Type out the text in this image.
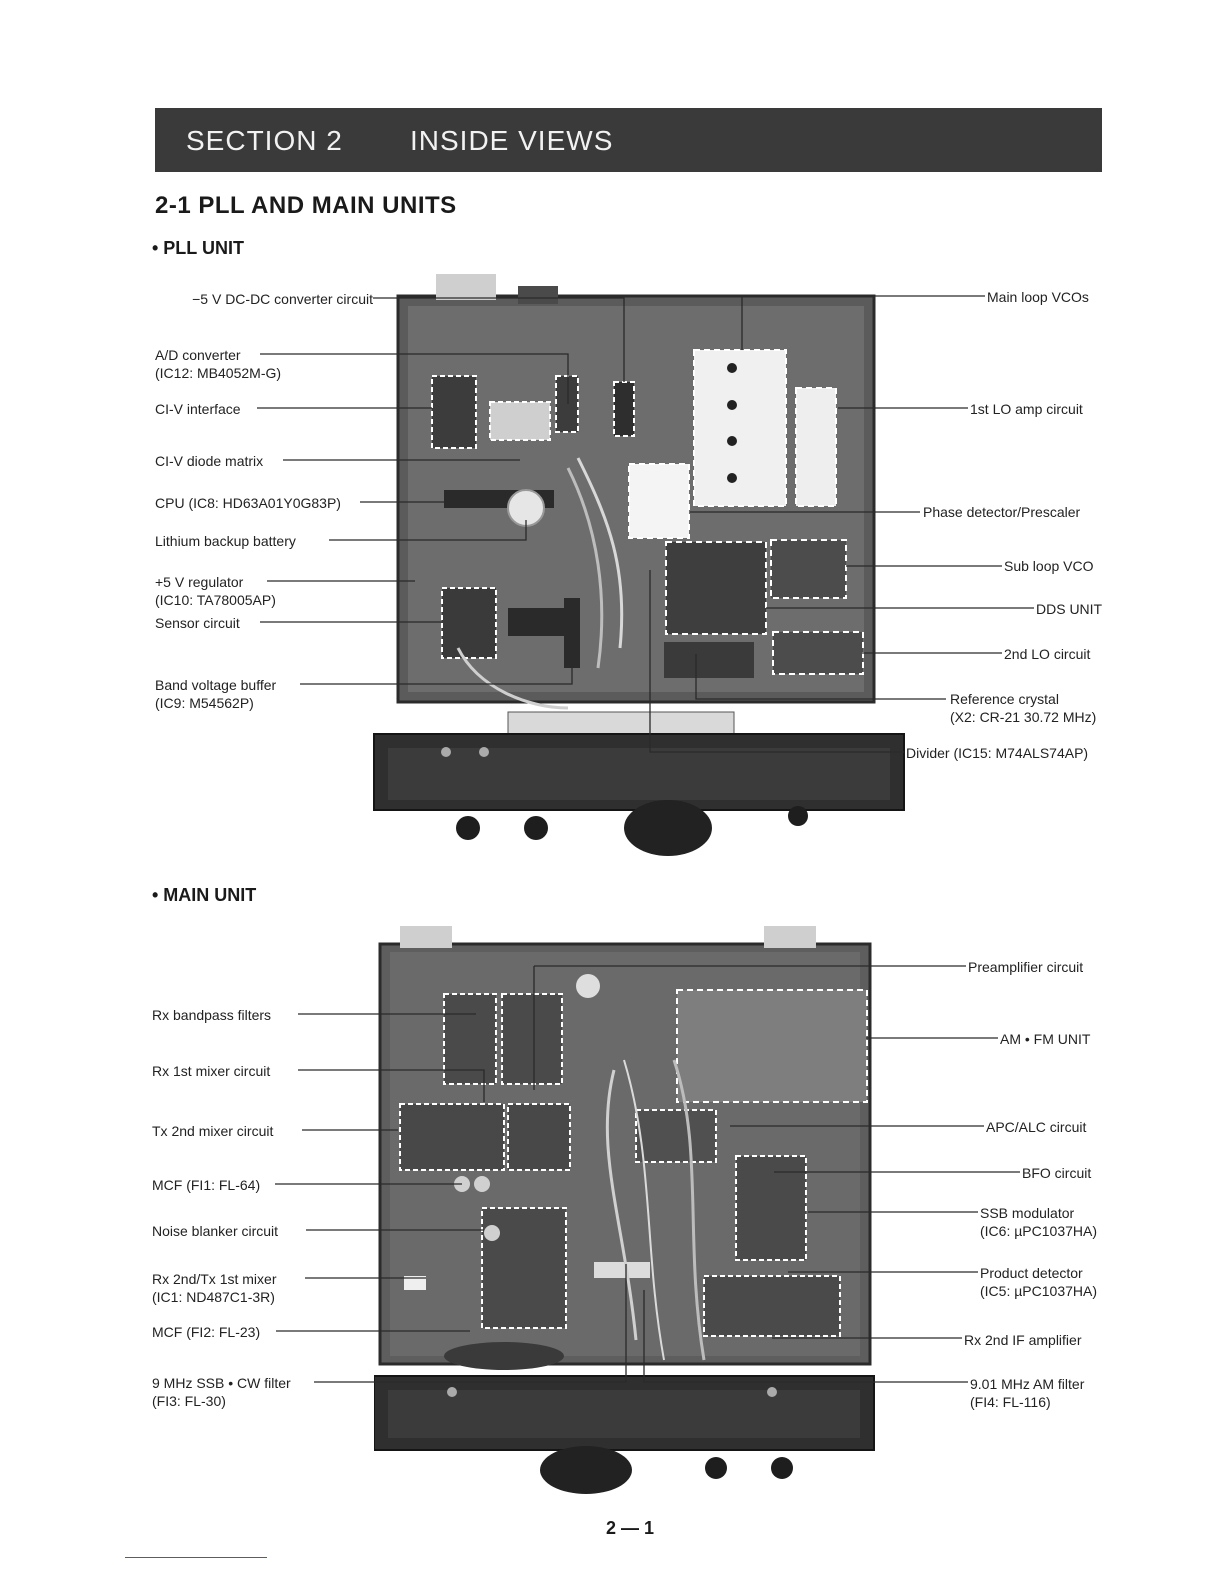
SECTION 2 INSIDE VIEWS
2-1 PLL AND MAIN UNITS
• PLL UNIT
−5 V DC-DC converter circuit
A/D converter
(IC12: MB4052M-G)
CI-V interface
CI-V diode matrix
CPU (IC8: HD63A01Y0G83P)
Lithium backup battery
+5 V regulator
(IC10: TA78005AP)
Sensor circuit
Band voltage buffer
(IC9: M54562P)
Main loop VCOs
1st LO amp circuit
Phase detector/Prescaler
Sub loop VCO
DDS UNIT
2nd LO circuit
Reference crystal
(X2: CR-21 30.72 MHz)
Divider (IC15: M74ALS74AP)
• MAIN UNIT
Rx bandpass filters
Rx 1st mixer circuit
Tx 2nd mixer circuit
MCF (FI1: FL-64)
Noise blanker circuit
Rx 2nd/Tx 1st mixer
(IC1: ND487C1-3R)
MCF (FI2: FL-23)
9 MHz SSB • CW filter
(FI3: FL-30)
Preamplifier circuit
AM • FM UNIT
APC/ALC circuit
BFO circuit
SSB modulator
(IC6: µPC1037HA)
Product detector
(IC5: µPC1037HA)
Rx 2nd IF amplifier
9.01 MHz AM filter
(FI4: FL-116)
2 — 1
